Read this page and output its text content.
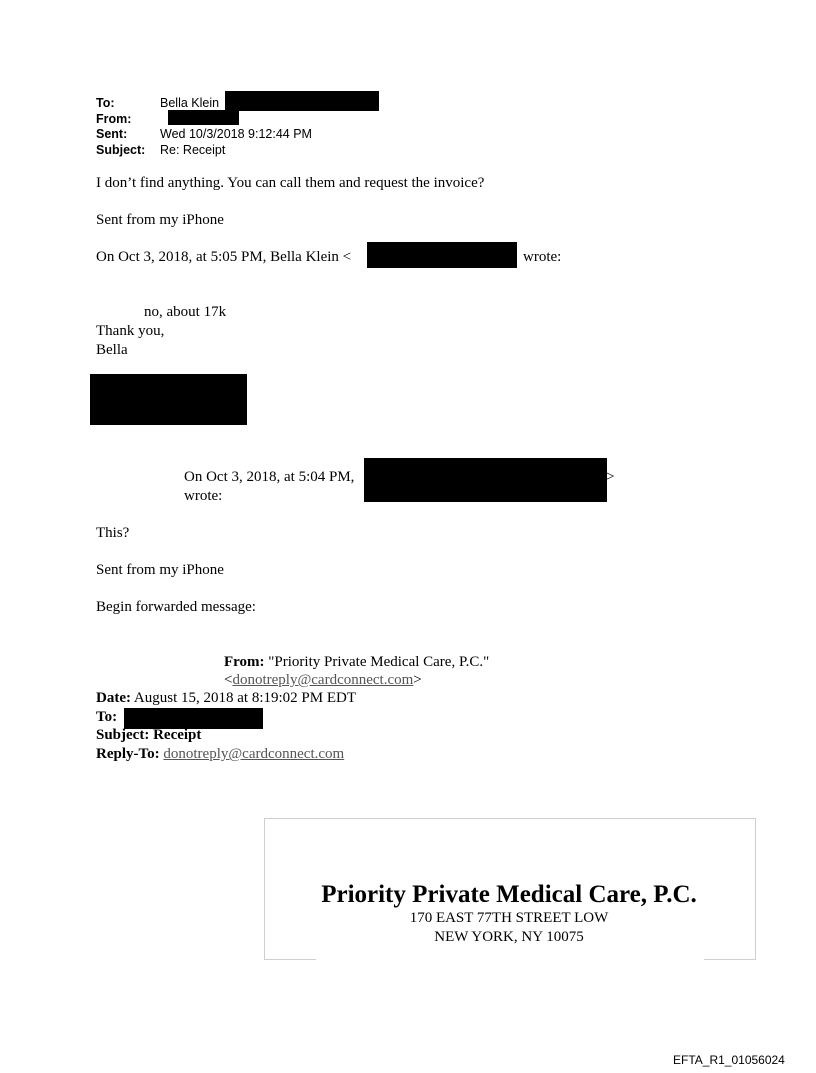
To:	Bella Klein
From:
Sent:	Wed 10/3/2018 9:12:44 PM
Subject: Re: Receipt
I don’t find anything. You can call them and request the invoice?
Sent from my iPhone
On Oct 3, 2018, at 5:05 PM, Bella Klein <	wrote:
no, about 17k
Thank you,
Bella
On Oct 3, 2018, at 5:04 PM,	>
wrote:
This?
Sent from my iPhone
Begin forwarded message:
From: "Priority Private Medical Care, P.C."
<donotreply@cardconnect.com>
Date: August 15, 2018 at 8:19:02 PM EDT
To:
Subject: Receipt
Reply-To: donotreply@cardconnect.com
Priority Private Medical Care, P.C.
170 EAST 77TH STREET LOW
NEW YORK, NY 10075
EFTA_R1_01056024
